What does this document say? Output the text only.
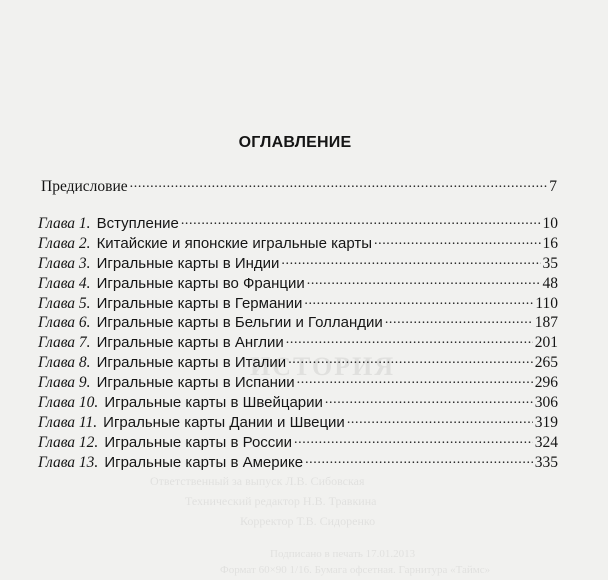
ИСТОРИЯ
Ответственный за выпуск Л.В. Сибовская
Технический редактор Н.В. Травкина
Корректор Т.В. Сидоренко
Подписано в печать 17.01.2013
Формат 60×90 1/16. Бумага офсетная. Гарнитура «Таймс»
ОГЛАВЛЕНИЕ
Предисловие .....	7
Глава 1. Вступление .....	10
Глава 2. Китайские и японские игральные карты .....	16
Глава 3. Игральные карты в Индии .....	35
Глава 4. Игральные карты во Франции .....	48
Глава 5. Игральные карты в Германии .....	110
Глава 6. Игральные карты в Бельгии и Голландии .....	187
Глава 7. Игральные карты в Англии .....	201
Глава 8. Игральные карты в Италии .....	265
Глава 9. Игральные карты в Испании .....	296
Глава 10. Игральные карты в Швейцарии .....	306
Глава 11. Игральные карты Дании и Швеции .....	319
Глава 12. Игральные карты в России .....	324
Глава 13. Игральные карты в Америке .....	335
